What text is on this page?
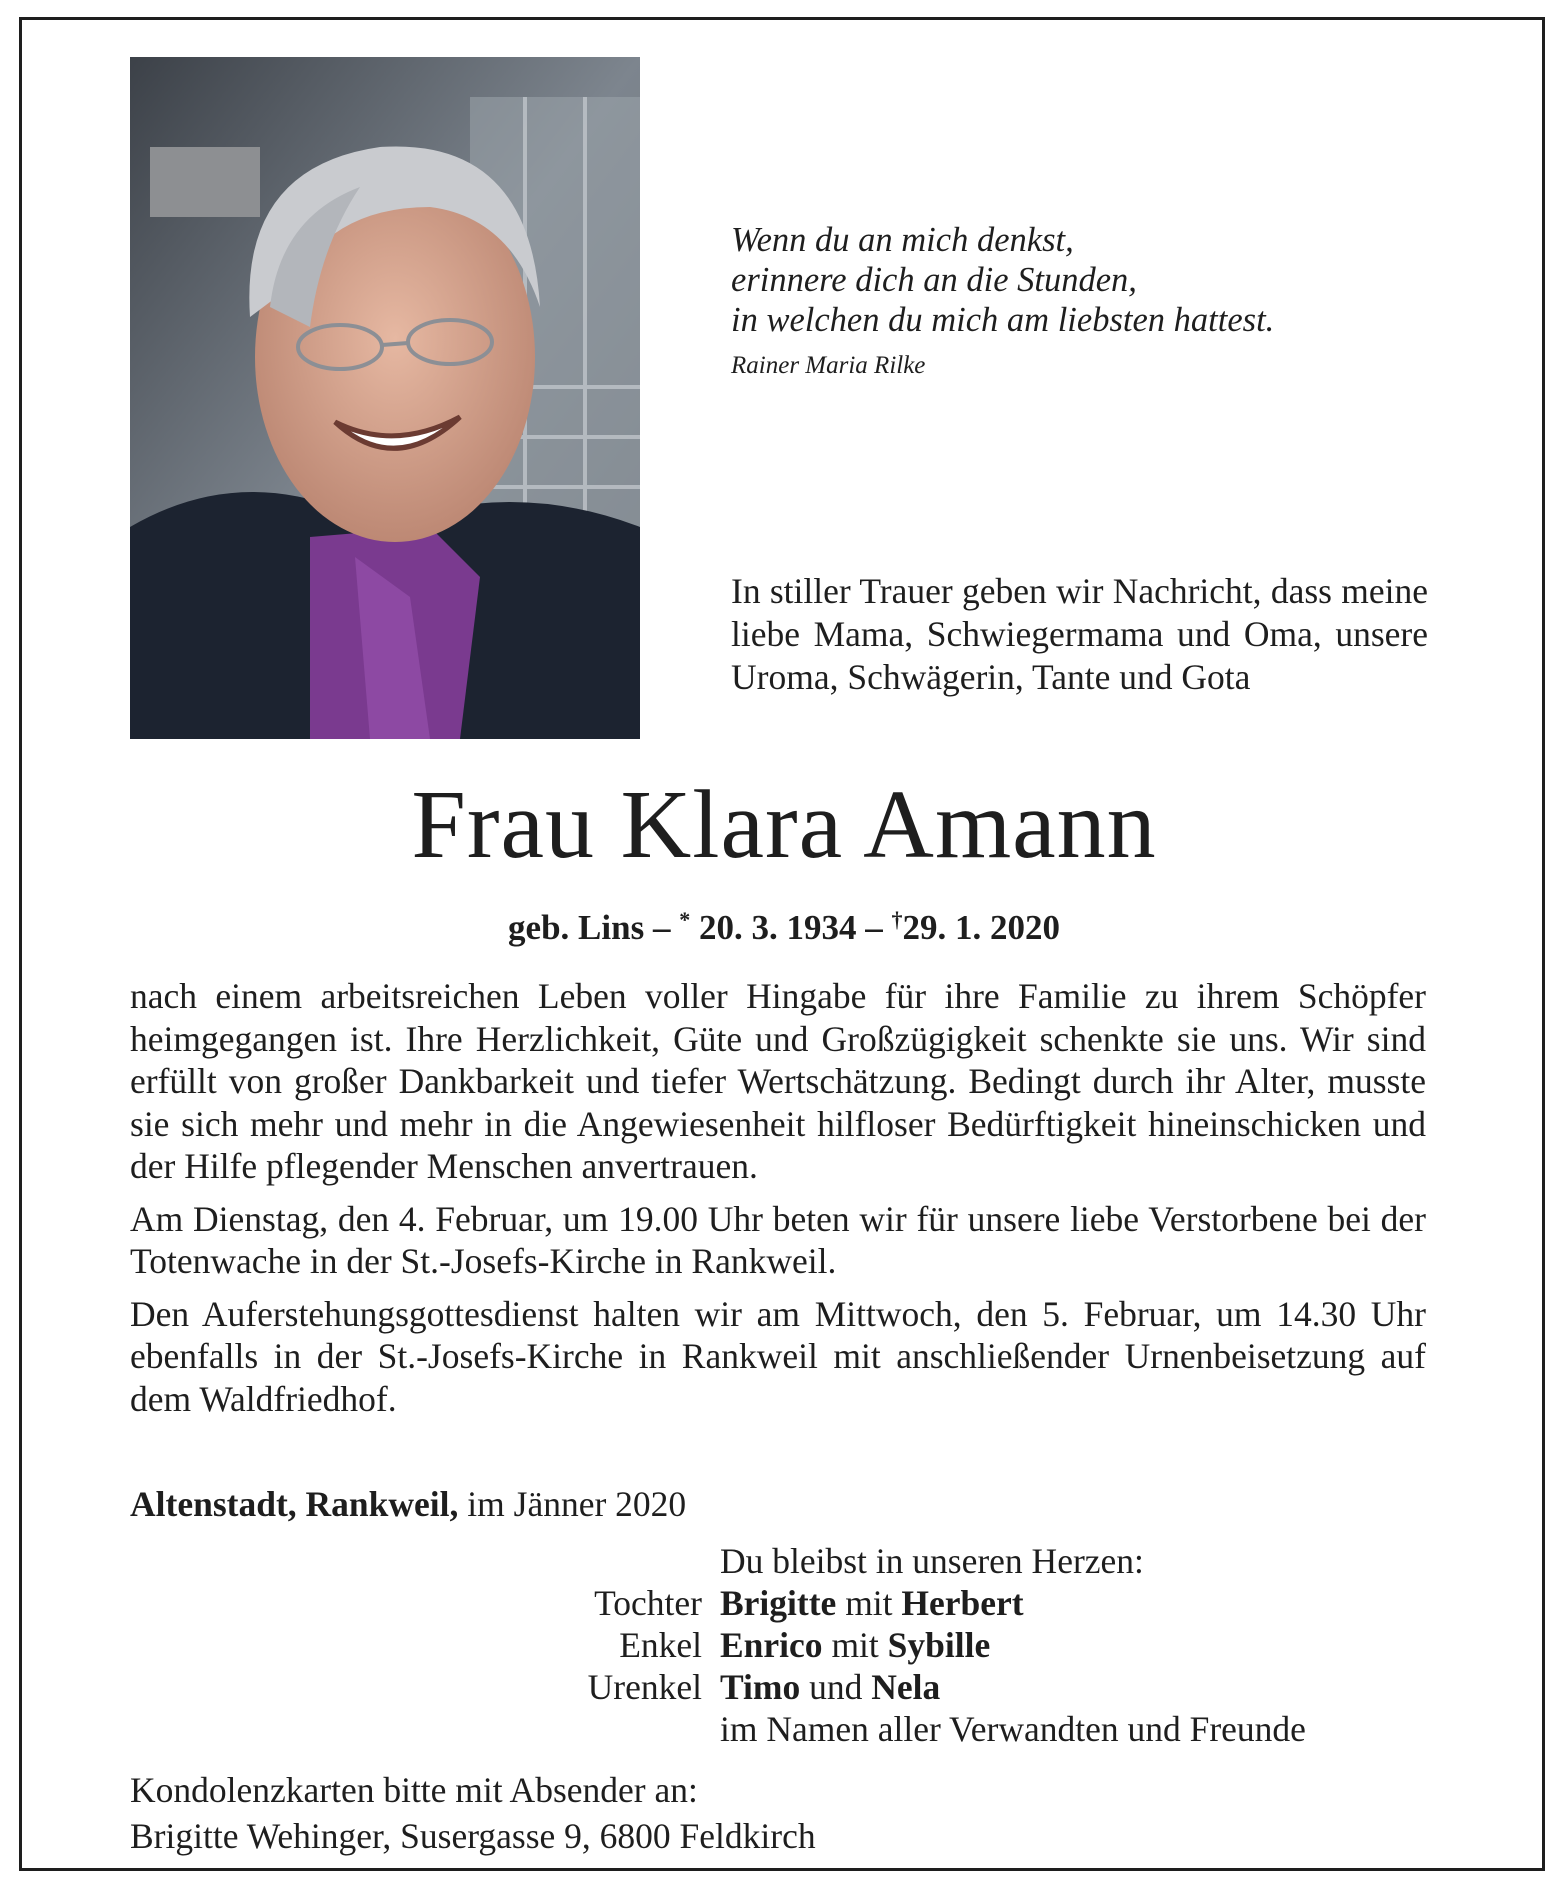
Wenn du an mich denkst,
erinnere dich an die Stunden,
in welchen du mich am liebsten hattest.
Rainer Maria Rilke
In stiller Trauer geben wir Nachricht, dass meine liebe Mama, Schwiegermama und Oma, unsere Uroma, Schwägerin, Tante und Gota
Frau Klara Amann
geb. Lins – * 20. 3. 1934 – †29. 1. 2020

nach einem arbeitsreichen Leben voller Hingabe für ihre Familie zu ihrem Schöpfer heimgegangen ist. Ihre Herzlichkeit, Güte und Großzügigkeit schenkte sie uns. Wir sind erfüllt von großer Dankbarkeit und tiefer Wertschätzung. Bedingt durch ihr Alter, musste sie sich mehr und mehr in die Angewiesenheit hilfloser Bedürftigkeit hineinschicken und der Hilfe pflegender Menschen anvertrauen.

Am Dienstag, den 4. Februar, um 19.00 Uhr beten wir für unsere liebe Verstorbene bei der Totenwache in der St.-Josefs-Kirche in Rankweil.

Den Auferstehungsgottesdienst halten wir am Mittwoch, den 5. Februar, um 14.30 Uhr ebenfalls in der St.-Josefs-Kirche in Rankweil mit anschließender Urnenbeisetzung auf dem Waldfriedhof.

Altenstadt, Rankweil, im Jänner 2020
Du bleibst in unseren Herzen:
Tochter Brigitte mit Herbert
Enkel Enrico mit Sybille
Urenkel Timo und Nela
im Namen aller Verwandten und Freunde
Kondolenzkarten bitte mit Absender an:
Brigitte Wehinger, Susergasse 9, 6800 Feldkirch
